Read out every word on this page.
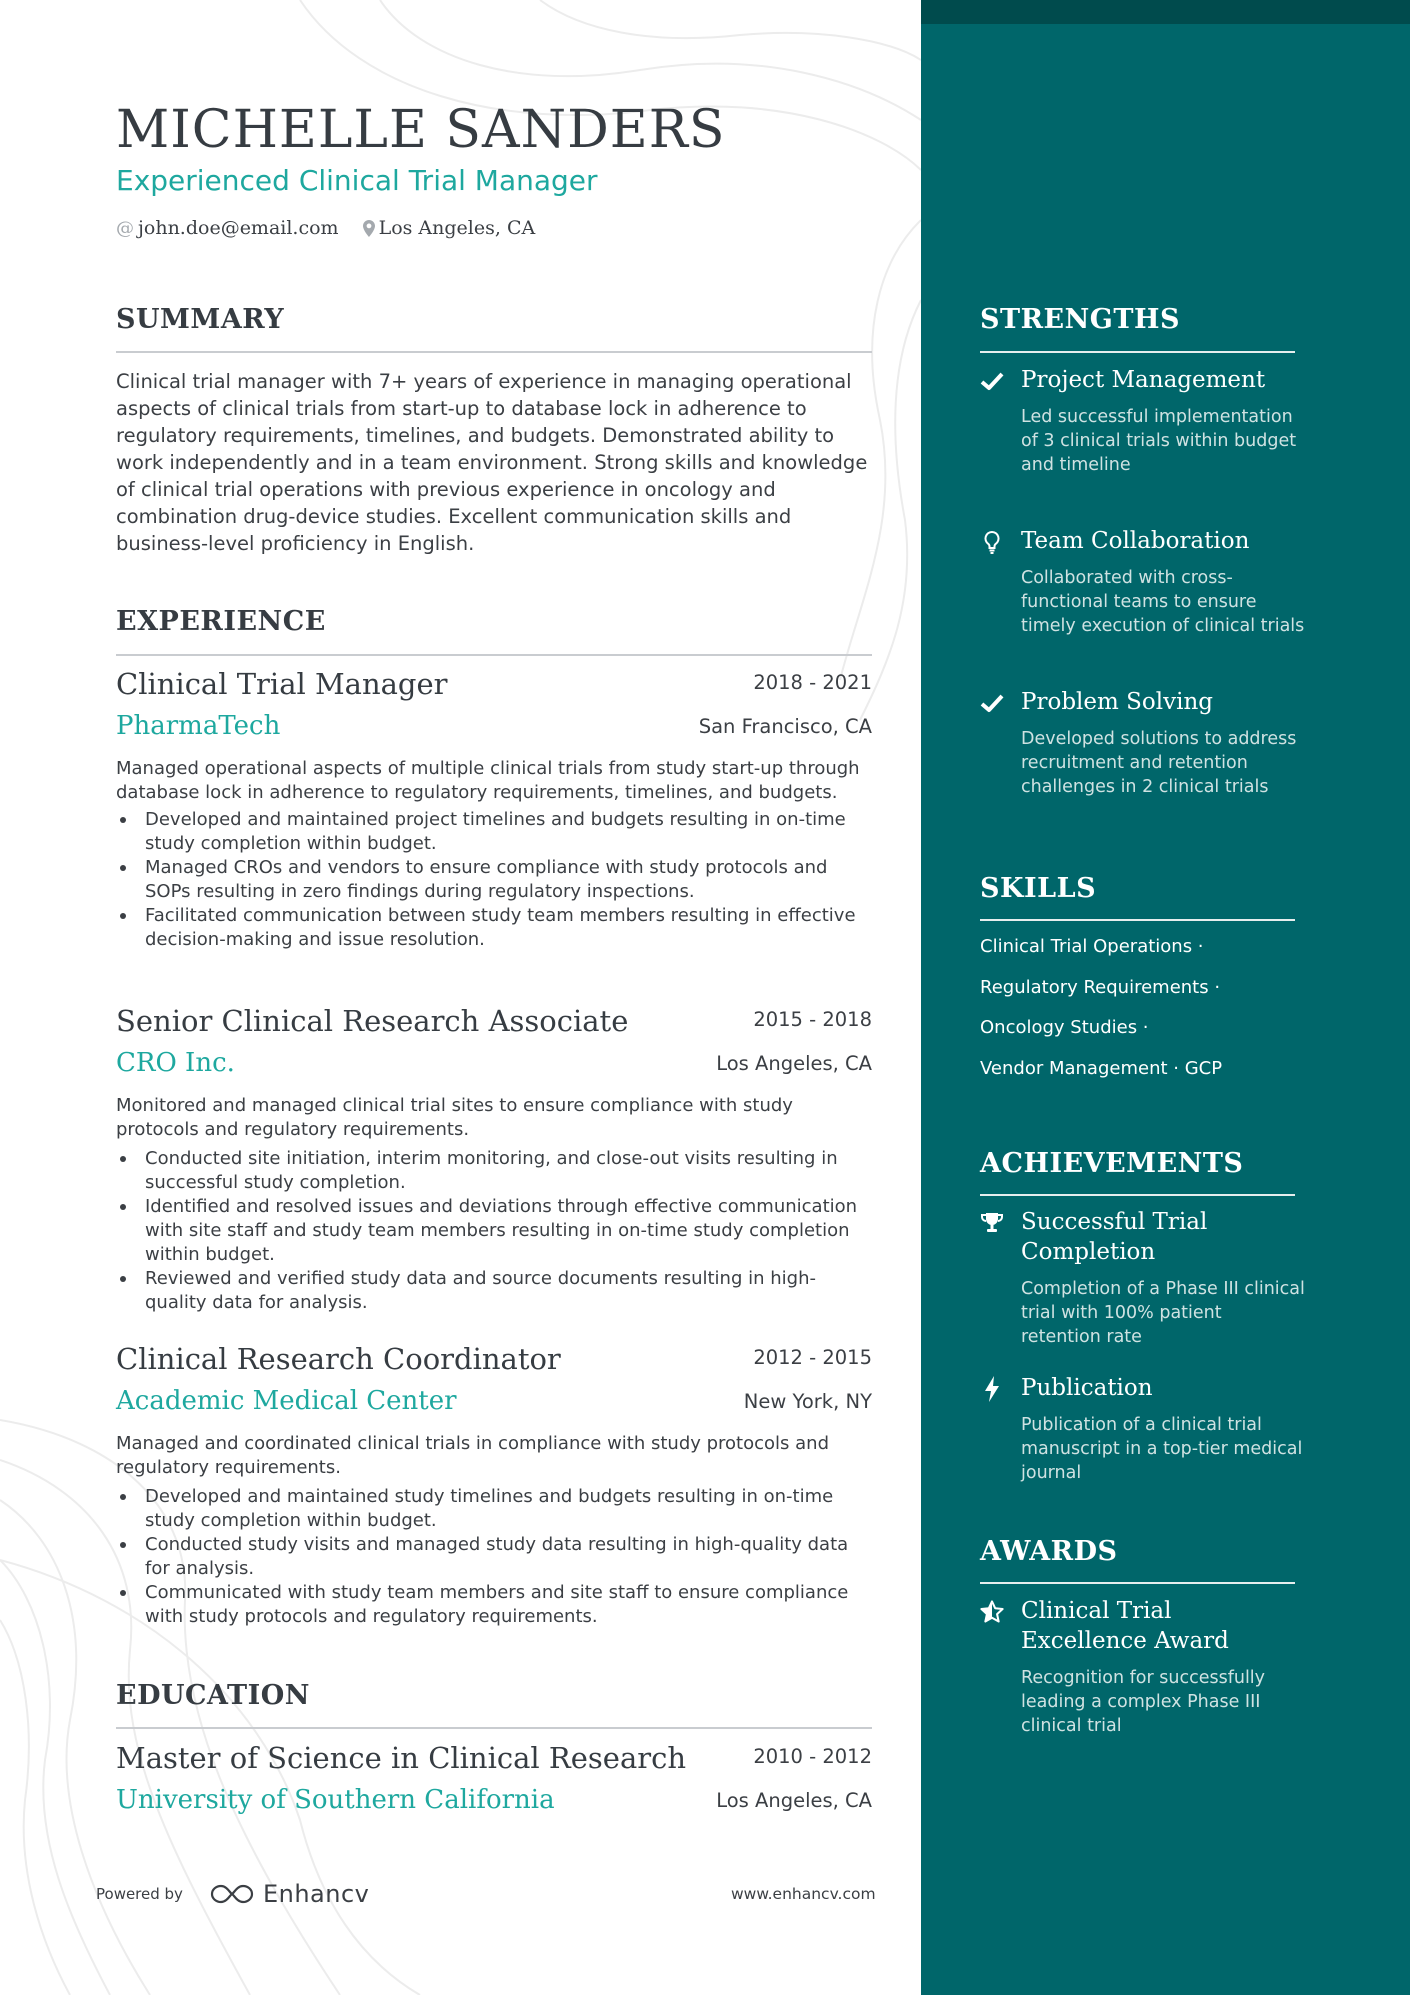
MICHELLE SANDERS
Experienced Clinical Trial Manager
@ john.doe@email.com Los Angeles, CA
SUMMARY

Clinical trial manager with 7+ years of experience in managing operational aspects of clinical trials from start-up to database lock in adherence to regulatory requirements, timelines, and budgets. Demonstrated ability to work independently and in a team environment. Strong skills and knowledge of clinical trial operations with previous experience in oncology and combination drug-device studies. Excellent communication skills and business-level proficiency in English.

EXPERIENCE
Clinical Trial Manager	2018 - 2021
PharmaTech	San Francisco, CA

Managed operational aspects of multiple clinical trials from study start-up through database lock in adherence to regulatory requirements, timelines, and budgets.

Developed and maintained project timelines and budgets resulting in on-time study completion within budget.
Managed CROs and vendors to ensure compliance with study protocols and SOPs resulting in zero findings during regulatory inspections.
Facilitated communication between study team members resulting in effective decision-making and issue resolution.
Senior Clinical Research Associate	2015 - 2018
CRO Inc.	Los Angeles, CA

Monitored and managed clinical trial sites to ensure compliance with study protocols and regulatory requirements.

Conducted site initiation, interim monitoring, and close-out visits resulting in successful study completion.
Identified and resolved issues and deviations through effective communication with site staff and study team members resulting in on-time study completion within budget.
Reviewed and verified study data and source documents resulting in high-quality data for analysis.
Clinical Research Coordinator	2012 - 2015
Academic Medical Center	New York, NY

Managed and coordinated clinical trials in compliance with study protocols and regulatory requirements.

Developed and maintained study timelines and budgets resulting in on-time study completion within budget.
Conducted study visits and managed study data resulting in high-quality data for analysis.
Communicated with study team members and site staff to ensure compliance with study protocols and regulatory requirements.
EDUCATION
Master of Science in Clinical Research	2010 - 2012
University of Southern California	Los Angeles, CA
Powered by	Enhancv	www.enhancv.com
STRENGTHS
Project Management
Led successful implementation of 3 clinical trials within budget and timeline
Team Collaboration
Collaborated with cross-functional teams to ensure timely execution of clinical trials
Problem Solving
Developed solutions to address recruitment and retention challenges in 2 clinical trials
SKILLS
Clinical Trial Operations ·
Regulatory Requirements ·
Oncology Studies ·
Vendor Management · GCP
ACHIEVEMENTS
Successful Trial Completion
Completion of a Phase III clinical trial with 100% patient retention rate
Publication
Publication of a clinical trial manuscript in a top-tier medical journal
AWARDS
Clinical Trial Excellence Award
Recognition for successfully leading a complex Phase III clinical trial
